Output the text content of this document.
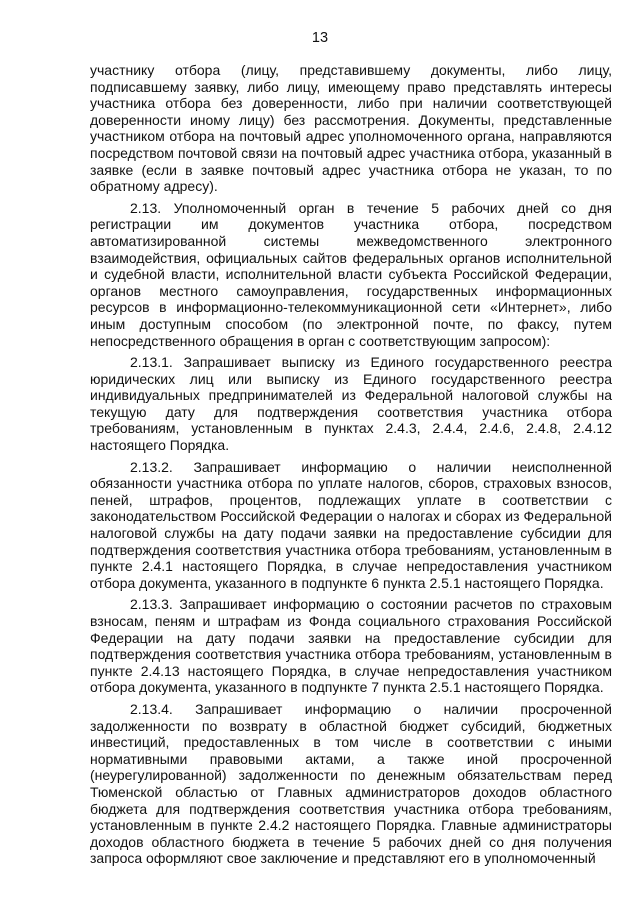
13

участнику отбора (лицу, представившему документы, либо лицу, подписавшему заявку, либо лицу, имеющему право представлять интересы участника отбора без доверенности, либо при наличии соответствующей доверенности иному лицу) без рассмотрения. Документы, представленные участником отбора на почтовый адрес уполномоченного органа, направляются посредством почтовой связи на почтовый адрес участника отбора, указанный в заявке (если в заявке почтовый адрес участника отбора не указан, то по обратному адресу).

2.13. Уполномоченный орган в течение 5 рабочих дней со дня регистрации им документов участника отбора, посредством автоматизированной системы межведомственного электронного взаимодействия, официальных сайтов федеральных органов исполнительной и судебной власти, исполнительной власти субъекта Российской Федерации, органов местного самоуправления, государственных информационных ресурсов в информационно-телекоммуникационной сети «Интернет», либо иным доступным способом (по электронной почте, по факсу, путем непосредственного обращения в орган с соответствующим запросом):

2.13.1. Запрашивает выписку из Единого государственного реестра юридических лиц или выписку из Единого государственного реестра индивидуальных предпринимателей из Федеральной налоговой службы на текущую дату для подтверждения соответствия участника отбора требованиям, установленным в пунктах 2.4.3, 2.4.4, 2.4.6, 2.4.8, 2.4.12 настоящего Порядка.

2.13.2. Запрашивает информацию о наличии неисполненной обязанности участника отбора по уплате налогов, сборов, страховых взносов, пеней, штрафов, процентов, подлежащих уплате в соответствии с законодательством Российской Федерации о налогах и сборах из Федеральной налоговой службы на дату подачи заявки на предоставление субсидии для подтверждения соответствия участника отбора требованиям, установленным в пункте 2.4.1 настоящего Порядка, в случае непредоставления участником отбора документа, указанного в подпункте 6 пункта 2.5.1 настоящего Порядка.

2.13.3. Запрашивает информацию о состоянии расчетов по страховым взносам, пеням и штрафам из Фонда социального страхования Российской Федерации на дату подачи заявки на предоставление субсидии для подтверждения соответствия участника отбора требованиям, установленным в пункте 2.4.13 настоящего Порядка, в случае непредоставления участником отбора документа, указанного в подпункте 7 пункта 2.5.1 настоящего Порядка.

2.13.4. Запрашивает информацию о наличии просроченной задолженности по возврату в областной бюджет субсидий, бюджетных инвестиций, предоставленных в том числе в соответствии с иными нормативными правовыми актами, а также иной просроченной (неурегулированной) задолженности по денежным обязательствам перед Тюменской областью от Главных администраторов доходов областного бюджета для подтверждения соответствия участника отбора требованиям, установленным в пункте 2.4.2 настоящего Порядка. Главные администраторы доходов областного бюджета в течение 5 рабочих дней со дня получения запроса оформляют свое заключение и представляют его в уполномоченный
